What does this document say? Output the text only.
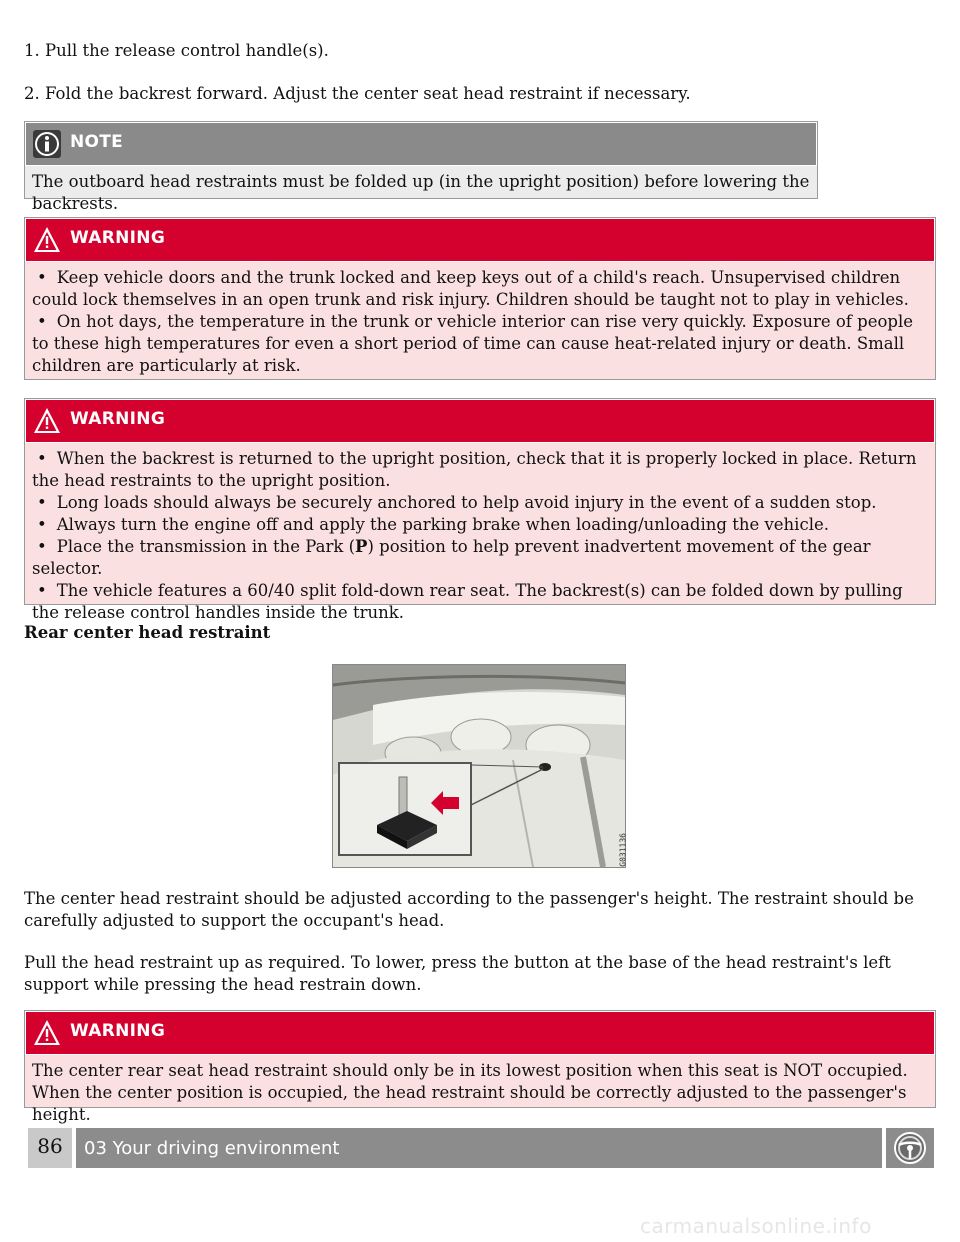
1. Pull the release control handle(s).

2. Fold the backrest forward. Adjust the center seat head restraint if necessary.

NOTE
The outboard head restraints must be folded up (in the upright position) before lowering the backrests.
WARNING
• Keep vehicle doors and the trunk locked and keep keys out of a child's reach. Unsupervised children could lock themselves in an open trunk and risk injury. Children should be taught not to play in vehicles.
• On hot days, the temperature in the trunk or vehicle interior can rise very quickly. Exposure of people to these high temperatures for even a short period of time can cause heat-related injury or death. Small children are particularly at risk.
WARNING
• When the backrest is returned to the upright position, check that it is properly locked in place. Return the head restraints to the upright position.
• Long loads should always be securely anchored to help avoid injury in the event of a sudden stop.
• Always turn the engine off and apply the parking brake when loading/unloading the vehicle.
• Place the transmission in the Park (P) position to help prevent inadvertent movement of the gear selector.
• The vehicle features a 60/40 split fold-down rear seat. The backrest(s) can be folded down by pulling the release control handles inside the trunk.
Rear center head restraint
G031136

The center head restraint should be adjusted according to the passenger's height. The restraint should be carefully adjusted to support the occupant's head.

Pull the head restraint up as required. To lower, press the button at the base of the head restraint's left support while pressing the head restrain down.

WARNING
The center rear seat head restraint should only be in its lowest position when this seat is NOT occupied. When the center position is occupied, the head restraint should be correctly adjusted to the passenger's height.
86	03 Your driving environment
carmanualsonline.info
